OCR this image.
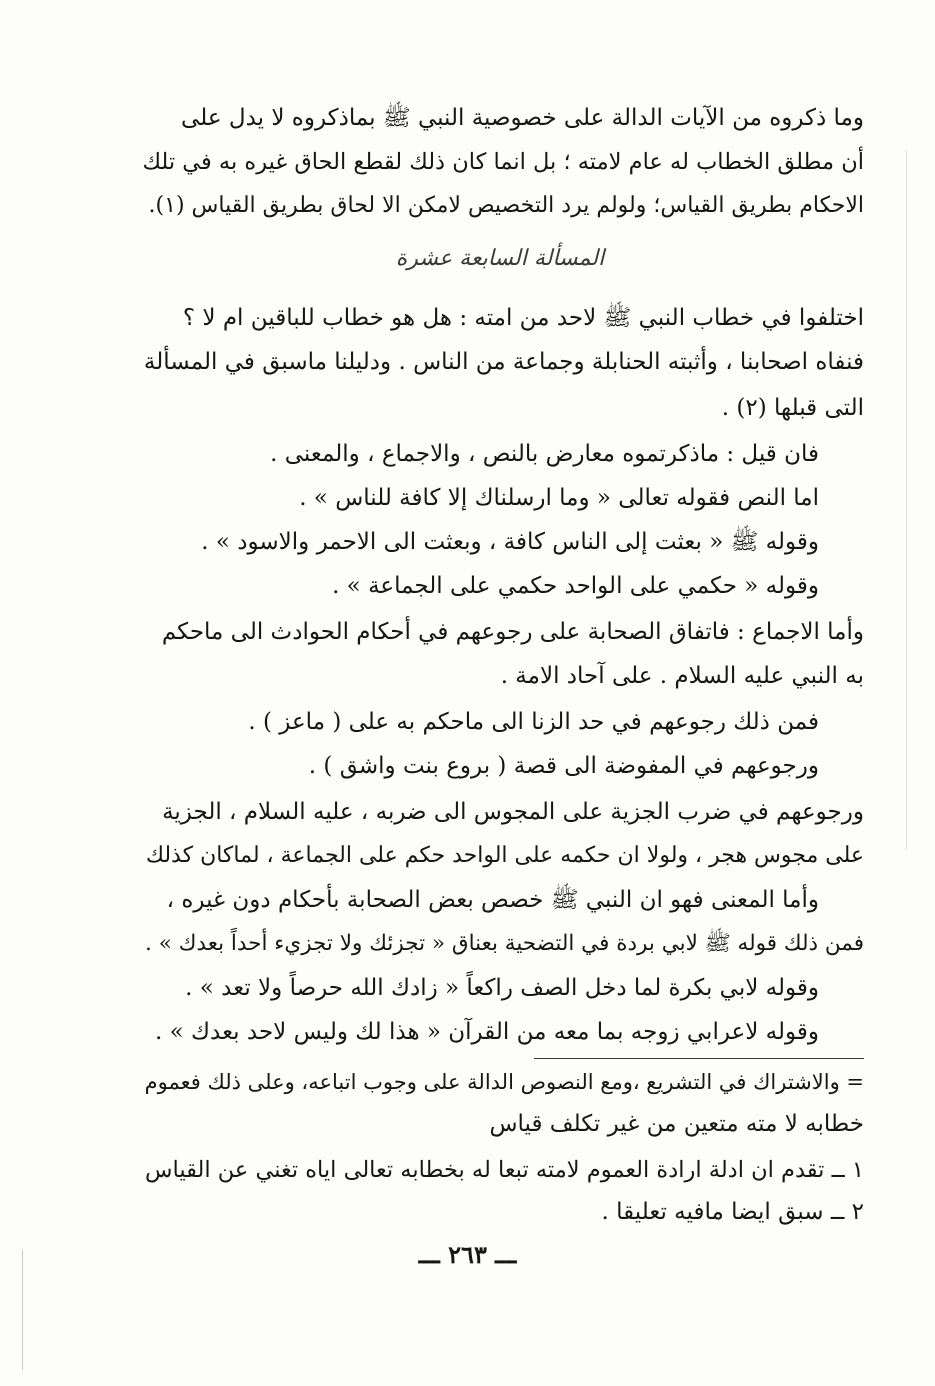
وما ذكروه من الآيات الدالة على خصوصية النبي ﷺ بماذكروه لا يدل على
أن مطلق الخطاب له عام لامته ؛ بل انما كان ذلك لقطع الحاق غيره به في تلك
الاحكام بطريق القياس؛ ولولم يرد التخصيص لامكن الا لحاق بطريق القياس (١).
المسألة السابعة عشرة
اختلفوا في خطاب النبي ﷺ لاحد من امته : هل هو خطاب للباقين ام لا ؟
فنفاه اصحابنا ، وأثبته الحنابلة وجماعة من الناس . ودليلنا ماسبق في المسألة
التى قبلها (٢) .
فان قيل : ماذكرتموه معارض بالنص ، والاجماع ، والمعنى .
اما النص فقوله تعالى « وما ارسلناك إلا كافة للناس » .
وقوله ﷺ « بعثت إلى الناس كافة ، وبعثت الى الاحمر والاسود » .
وقوله « حكمي على الواحد حكمي على الجماعة » .
وأما الاجماع : فاتفاق الصحابة على رجوعهم في أحكام الحوادث الى ماحكم
به النبي عليه السلام . على آحاد الامة .
فمن ذلك رجوعهم في حد الزنا الى ماحكم به على ( ماعز ) .
ورجوعهم في المفوضة الى قصة ( بروع بنت واشق ) .
ورجوعهم في ضرب الجزية على المجوس الى ضربه ، عليه السلام ، الجزية
على مجوس هجر ، ولولا ان حكمه على الواحد حكم على الجماعة ، لماكان كذلك
وأما المعنى فهو ان النبي ﷺ خصص بعض الصحابة بأحكام دون غيره ،
فمن ذلك قوله ﷺ لابي بردة في التضحية بعناق « تجزئك ولا تجزيء أحداً بعدك » .
وقوله لابي بكرة لما دخل الصف راكعاً « زادك الله حرصاً ولا تعد » .
وقوله لاعرابي زوجه بما معه من القرآن « هذا لك وليس لاحد بعدك » .
= والاشتراك في التشريع ،ومع النصوص الدالة على وجوب اتباعه، وعلى ذلك فعموم
خطابه لا مته متعين من غير تكلف قياس
١ ــ تقدم ان ادلة ارادة العموم لامته تبعا له بخطابه تعالى اياه تغني عن القياس
٢ ــ سبق ايضا مافيه تعليقا .
ـــ ٢٦٣ ـــ
